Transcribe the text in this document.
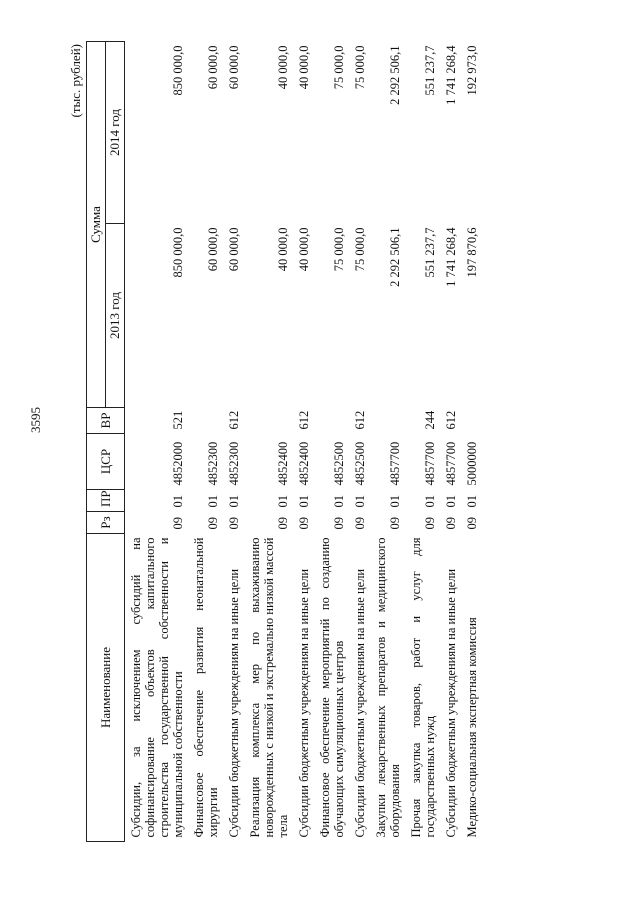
3595
(тыс. рублей)
Наименование	Рз	ПР	ЦСР	ВР	Сумма	
					2013 год	2014 год
Субсидии, за исключением субсидий на софинансирование объектов капитального строительства государственной собственности и муниципальной собственности	09	01	4852000	521	850 000,0	850 000,0
Финансовое обеспечение развития неонатальной хирургии	09	01	4852300		60 000,0	60 000,0
Субсидии бюджетным учреждениям на иные цели	09	01	4852300	612	60 000,0	60 000,0
Реализация комплекса мер по выхаживанию новорожденных с низкой и экстремально низкой массой тела	09	01	4852400		40 000,0	40 000,0
Субсидии бюджетным учреждениям на иные цели	09	01	4852400	612	40 000,0	40 000,0
Финансовое обеспечение мероприятий по созданию обучающих симуляционных центров	09	01	4852500		75 000,0	75 000,0
Субсидии бюджетным учреждениям на иные цели	09	01	4852500	612	75 000,0	75 000,0
Закупки лекарственных препаратов и медицинского оборудования	09	01	4857700		2 292 506,1	2 292 506,1
Прочая закупка товаров, работ и услуг для государственных нужд	09	01	4857700	244	551 237,7	551 237,7
Субсидии бюджетным учреждениям на иные цели	09	01	4857700	612	1 741 268,4	1 741 268,4
Медико-социальная экспертная комиссия	09	01	5000000		197 870,6	192 973,0
